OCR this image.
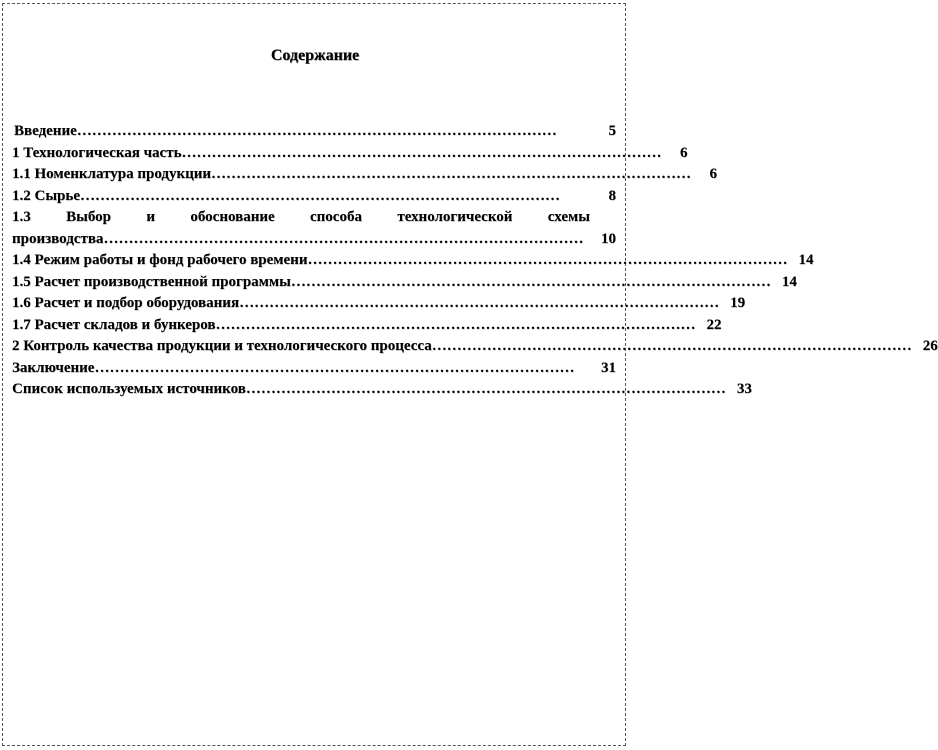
Содержание
Введение ……………………………………………………………………………………	5
1 Технологическая часть ……………………………………………………………………………………	6
1.1 Номенклатура продукции ……………………………………………………………………………………	6
1.2 Сырье ……………………………………………………………………………………	8
1.3 Выбор и обоснование способа технологической схемы
производства ……………………………………………………………………………………	10
1.4 Режим работы и фонд рабочего времени …………………………………………………………………………………… 14
1.5 Расчет производственной программы …………………………………………………………………………………… 14
1.6 Расчет и подбор оборудования …………………………………………………………………………………… 19
1.7 Расчет складов и бункеров …………………………………………………………………………………… 22
2 Контроль качества продукции и технологического процесса …………………………………………………………………………………… 26
Заключение ……………………………………………………………………………………	31
Список используемых источников …………………………………………………………………………………… 33
